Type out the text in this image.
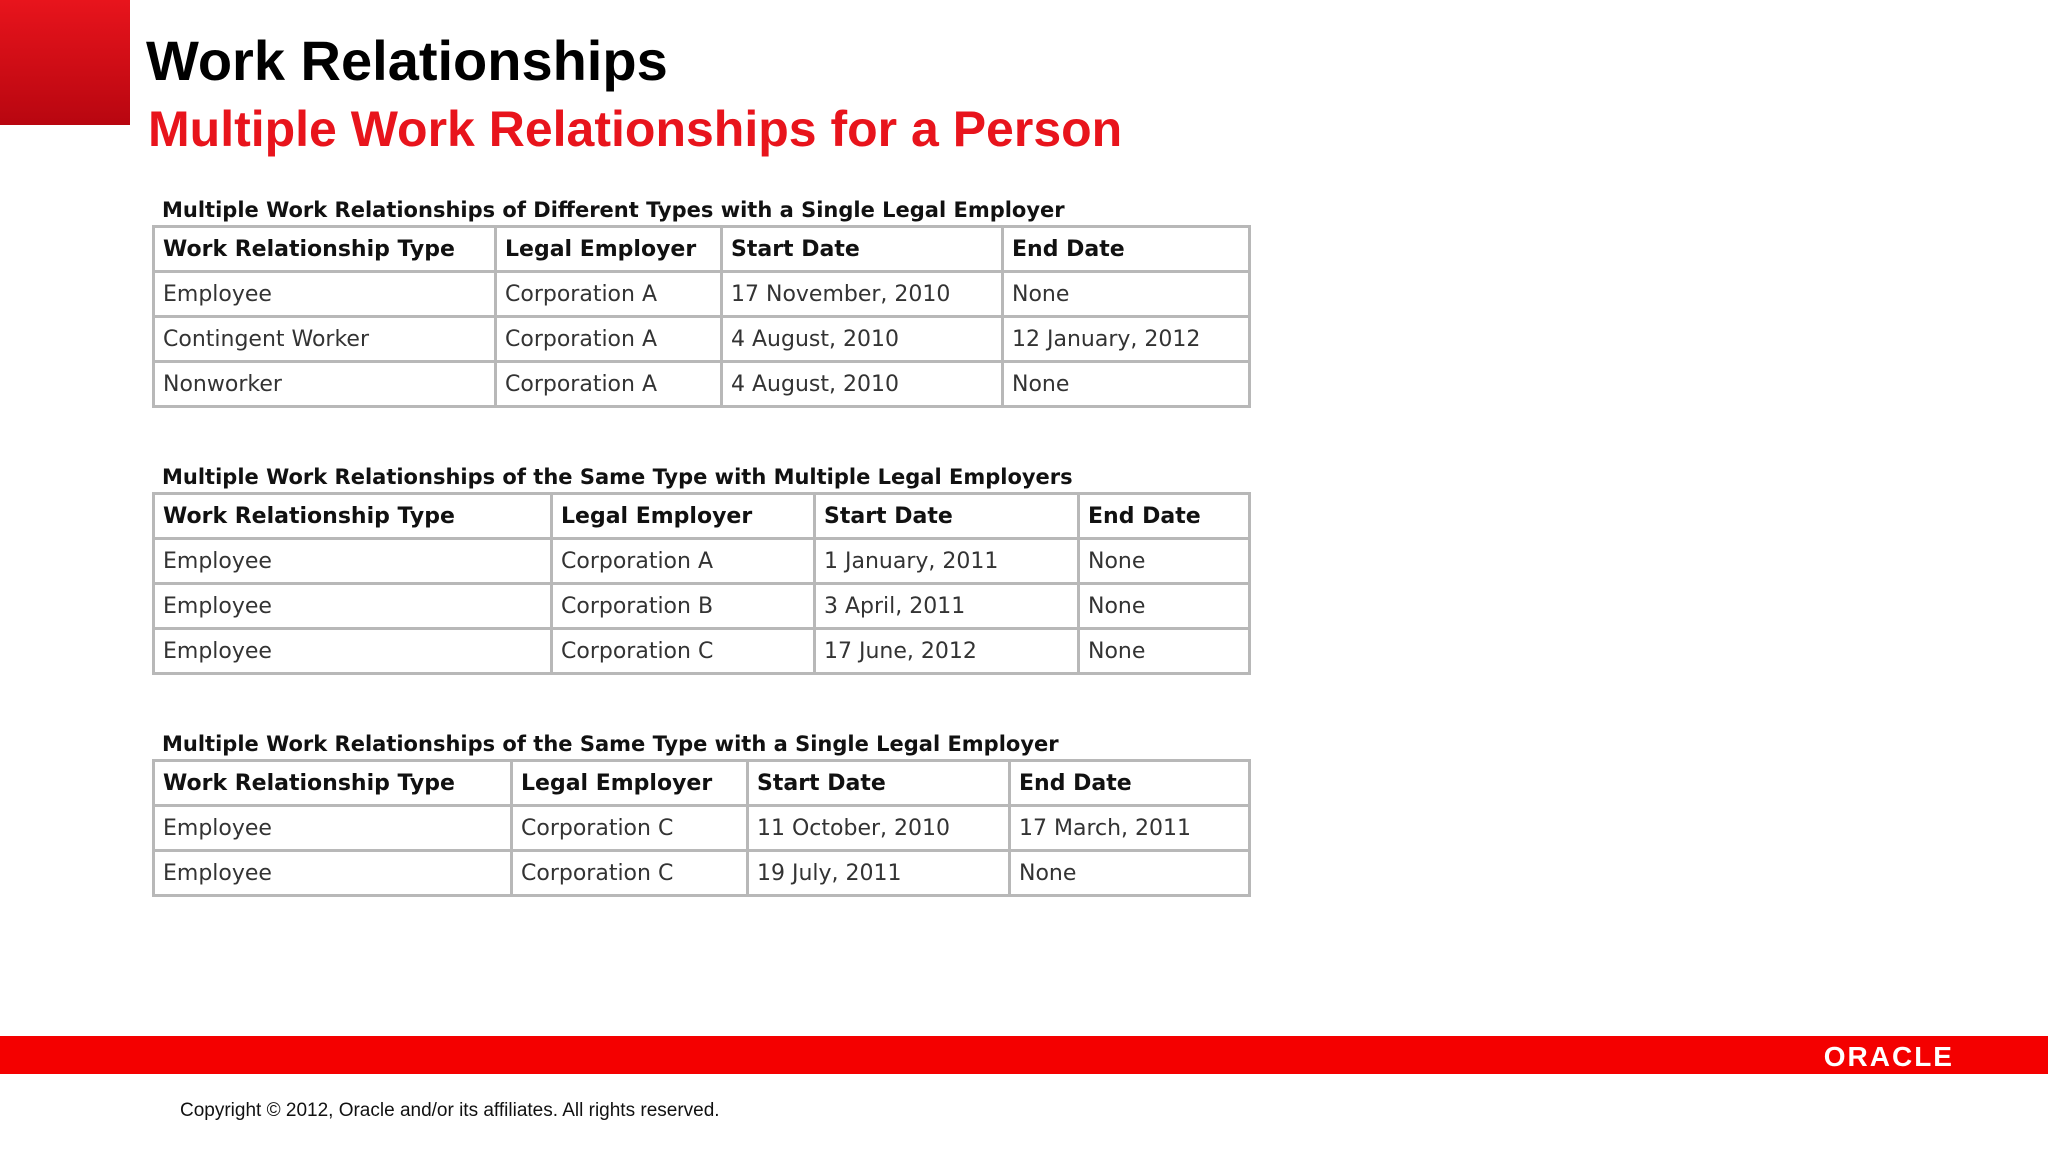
Work Relationships
Multiple Work Relationships for a Person
Multiple Work Relationships of Different Types with a Single Legal Employer
Work Relationship Type	Legal Employer	Start Date	End Date
Employee	Corporation A	17 November, 2010	None
Contingent Worker	Corporation A	4 August, 2010	12 January, 2012
Nonworker	Corporation A	4 August, 2010	None
Multiple Work Relationships of the Same Type with Multiple Legal Employers
Work Relationship Type	Legal Employer	Start Date	End Date
Employee	Corporation A	1 January, 2011	None
Employee	Corporation B	3 April, 2011	None
Employee	Corporation C	17 June, 2012	None
Multiple Work Relationships of the Same Type with a Single Legal Employer
Work Relationship Type	Legal Employer	Start Date	End Date
Employee	Corporation C	11 October, 2010	17 March, 2011
Employee	Corporation C	19 July, 2011	None
ORACLE
Copyright © 2012, Oracle and/or its affiliates. All rights reserved.
